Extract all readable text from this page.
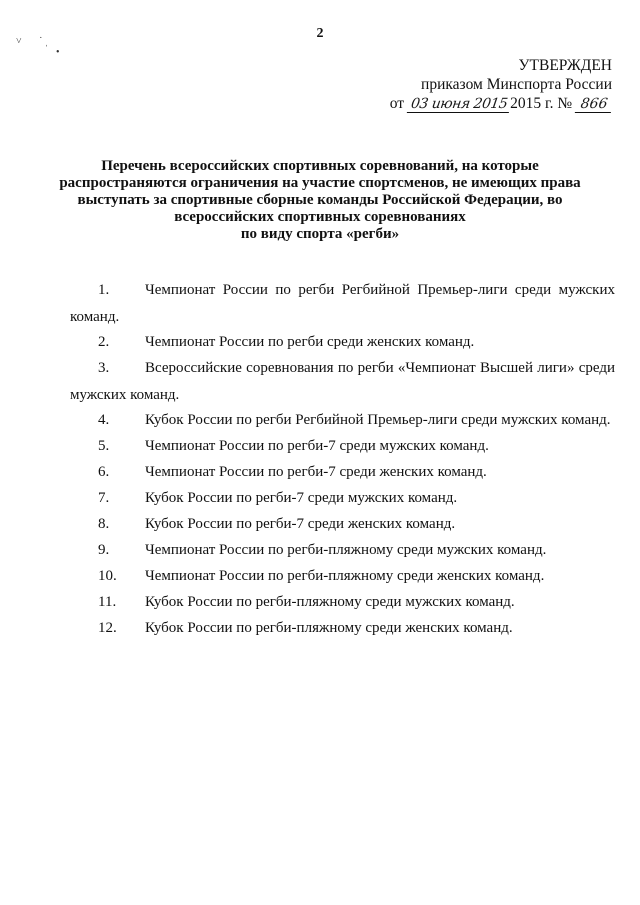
˅       ˙ ˌ
•
2
УТВЕРЖДЕН
приказом Минспорта России
от 03 июня 2015 2015 г. № 866
Перечень всероссийских спортивных соревнований, на которые
распространяются ограничения на участие спортсменов, не имеющих права
выступать за спортивные сборные команды Российской Федерации, во
всероссийских спортивных соревнованиях
по виду спорта «регби»
1.	Чемпионат России по регби Регбийной Премьер-лиги среди мужских
команд.
2.	Чемпионат России по регби среди женских команд.
3.	Всероссийские соревнования по регби «Чемпионат Высшей лиги» среди
мужских команд.
4.	Кубок России по регби Регбийной Премьер-лиги среди мужских команд.
5.	Чемпионат России по регби-7 среди мужских команд.
6.	Чемпионат России по регби-7 среди женских команд.
7.	Кубок России по регби-7 среди мужских команд.
8.	Кубок России по регби-7 среди женских команд.
9.	Чемпионат России по регби-пляжному среди мужских команд.
10.	Чемпионат России по регби-пляжному среди женских команд.
11.	Кубок России по регби-пляжному среди мужских команд.
12.	Кубок России по регби-пляжному среди женских команд.
